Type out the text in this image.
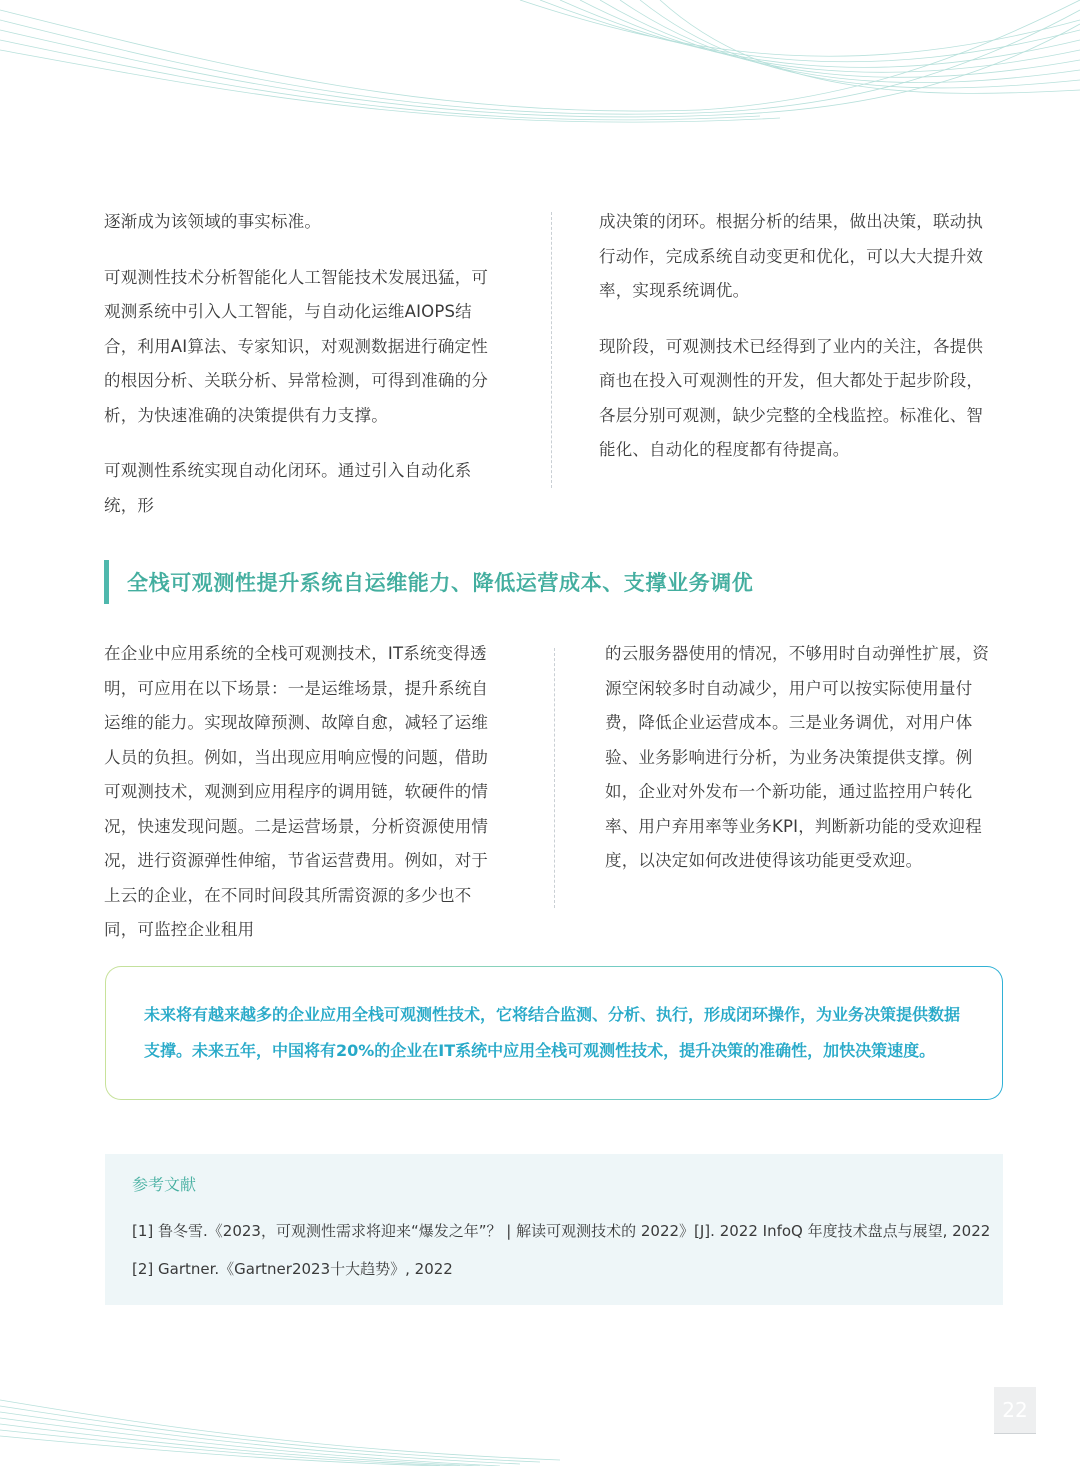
逐渐成为该领域的事实标准。

可观测性技术分析智能化人工智能技术发展迅猛，可观测系统中引入人工智能，与自动化运维AIOPS结合，利用AI算法、专家知识，对观测数据进行确定性的根因分析、关联分析、异常检测，可得到准确的分析，为快速准确的决策提供有力支撑。

可观测性系统实现自动化闭环。通过引入自动化系统，形

成决策的闭环。根据分析的结果，做出决策，联动执行动作，完成系统自动变更和优化，可以大大提升效率，实现系统调优。

现阶段，可观测技术已经得到了业内的关注，各提供商也在投入可观测性的开发，但大都处于起步阶段，各层分别可观测，缺少完整的全栈监控。标准化、智能化、自动化的程度都有待提高。

全栈可观测性提升系统自运维能力、降低运营成本、支撑业务调优

在企业中应用系统的全栈可观测技术，IT系统变得透明，可应用在以下场景：一是运维场景，提升系统自运维的能力。实现故障预测、故障自愈，减轻了运维人员的负担。例如，当出现应用响应慢的问题，借助可观测技术，观测到应用程序的调用链，软硬件的情况，快速发现问题。二是运营场景，分析资源使用情况，进行资源弹性伸缩，节省运营费用。例如，对于上云的企业，在不同时间段其所需资源的多少也不同，可监控企业租用

的云服务器使用的情况，不够用时自动弹性扩展，资源空闲较多时自动减少，用户可以按实际使用量付费，降低企业运营成本。三是业务调优，对用户体验、业务影响进行分析，为业务决策提供支撑。例如，企业对外发布一个新功能，通过监控用户转化率、用户弃用率等业务KPI，判断新功能的受欢迎程度，以决定如何改进使得该功能更受欢迎。

未来将有越来越多的企业应用全栈可观测性技术，它将结合监测、分析、执行，形成闭环操作，为业务决策提供数据支撑。未来五年，中国将有20%的企业在IT系统中应用全栈可观测性技术，提升决策的准确性，加快决策速度。

参考文献
[1] 鲁冬雪.《2023，可观测性需求将迎来“爆发之年”？ | 解读可观测技术的 2022》[J]. 2022 InfoQ 年度技术盘点与展望, 2022
[2] Gartner.《Gartner2023十大趋势》, 2022
22
